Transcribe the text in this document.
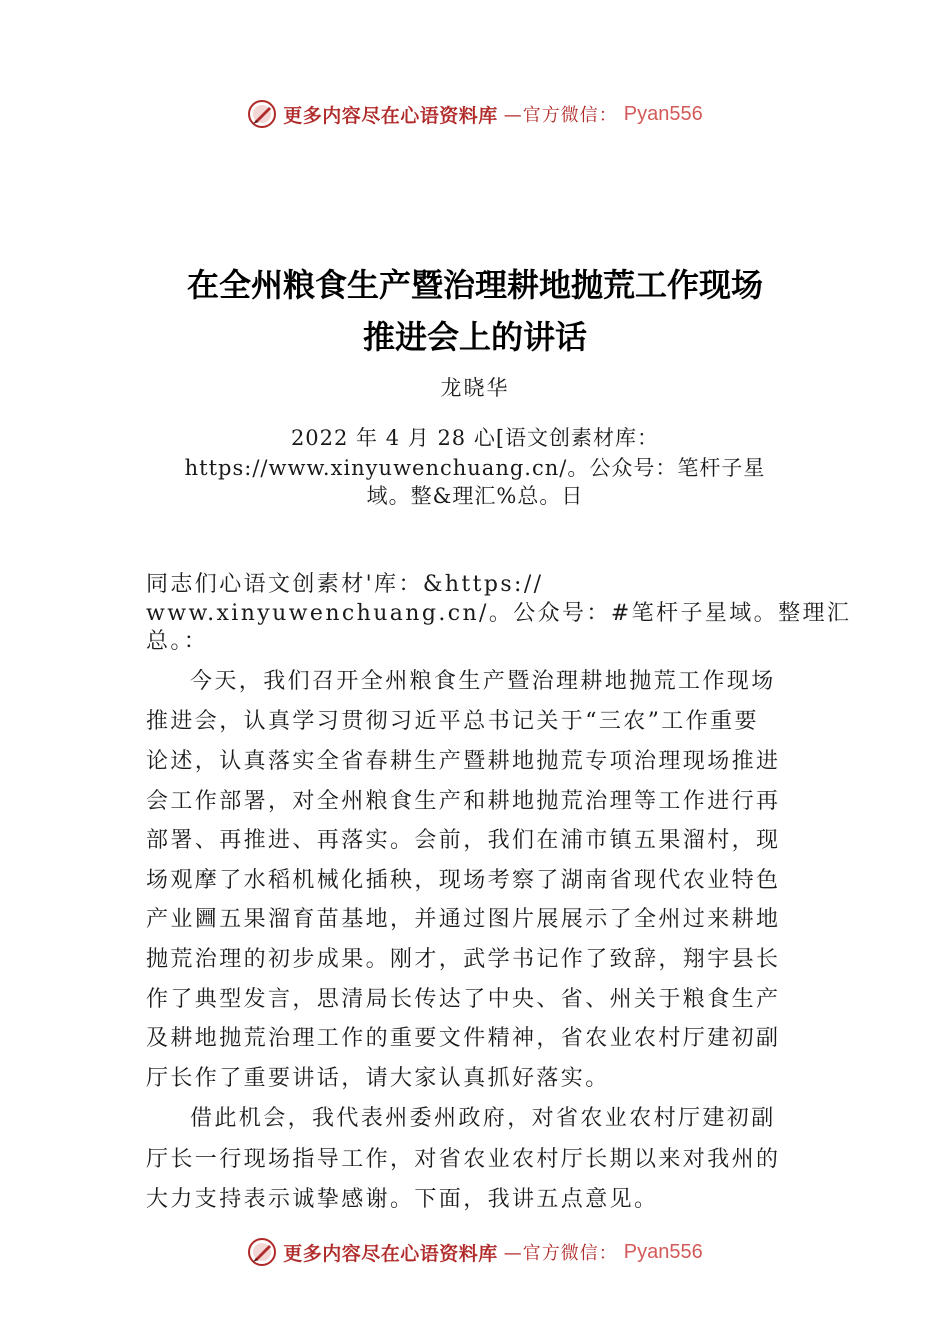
更多内容尽在心语资料库 —官方微信： Pyan556
在全州粮食生产暨治理耕地抛荒工作现场
推进会上的讲话
龙晓华
2022 年 4 月 28 心[语文创素材库：
https://www.xinyuwenchuang.cn/。公众号：笔杆子星
域。整&理汇%总。日
同志们心语文创素材'库：&https://
www.xinyuwenchuang.cn/。公众号：#笔杆子星域。整理汇
总。：
今天，我们召开全州粮食生产暨治理耕地抛荒工作现场
推进会，认真学习贯彻习近平总书记关于“三农”工作重要
论述，认真落实全省春耕生产暨耕地抛荒专项治理现场推进
会工作部署，对全州粮食生产和耕地抛荒治理等工作进行再
部署、再推进、再落实。会前，我们在浦市镇五果溜村，现
场观摩了水稻机械化插秧，现场考察了湖南省现代农业特色
产业㘤五果溜育苗基地，并通过图片展展示了全州过来耕地
抛荒治理的初步成果。刚才，武学书记作了致辞，翔宇县长
作了典型发言，思清局长传达了中央、省、州关于粮食生产
及耕地抛荒治理工作的重要文件精神，省农业农村厅建初副
厅长作了重要讲话，请大家认真抓好落实。
借此机会，我代表州委州政府，对省农业农村厅建初副
厅长一行现场指导工作，对省农业农村厅长期以来对我州的
大力支持表示诚挚感谢。下面，我讲五点意见。
更多内容尽在心语资料库 —官方微信： Pyan556
